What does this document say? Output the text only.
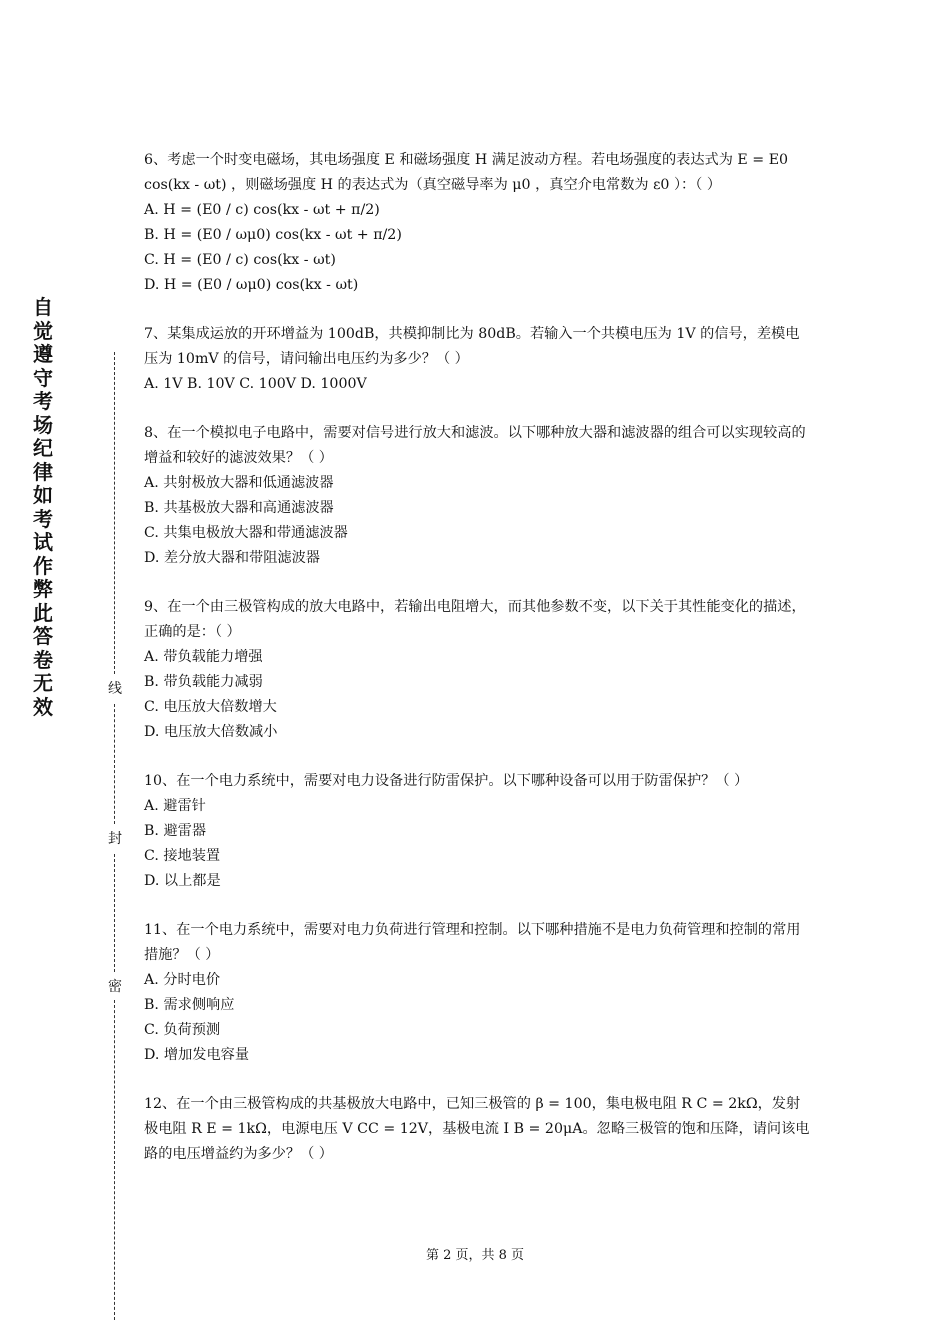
自
觉
遵
守
考
场
纪
律
如
考
试
作
弊
此
答
卷
无
效
线
封
密

6、考虑一个时变电磁场，其电场强度 E 和磁场强度 H 满足波动方程。若电场强度的表达式为 E = E0 cos(kx - ωt) ，则磁场强度 H 的表达式为（真空磁导率为 μ0 ，真空介电常数为 ε0 ）：（ ）

A. H = (E0 / c) cos(kx - ωt + π/2)

B. H = (E0 / ωμ0) cos(kx - ωt + π/2)

C. H = (E0 / c) cos(kx - ωt)

D. H = (E0 / ωμ0) cos(kx - ωt)

7、某集成运放的开环增益为 100dB，共模抑制比为 80dB。若输入一个共模电压为 1V 的信号，差模电压为 10mV 的信号，请问输出电压约为多少？（ ）

A. 1V B. 10V C. 100V D. 1000V

8、在一个模拟电子电路中，需要对信号进行放大和滤波。以下哪种放大器和滤波器的组合可以实现较高的增益和较好的滤波效果？（ ）

A. 共射极放大器和低通滤波器

B. 共基极放大器和高通滤波器

C. 共集电极放大器和带通滤波器

D. 差分放大器和带阻滤波器

9、在一个由三极管构成的放大电路中，若输出电阻增大，而其他参数不变，以下关于其性能变化的描述，正确的是：（ ）

A. 带负载能力增强

B. 带负载能力减弱

C. 电压放大倍数增大

D. 电压放大倍数减小

10、在一个电力系统中，需要对电力设备进行防雷保护。以下哪种设备可以用于防雷保护？（ ）

A. 避雷针

B. 避雷器

C. 接地装置

D. 以上都是

11、在一个电力系统中，需要对电力负荷进行管理和控制。以下哪种措施不是电力负荷管理和控制的常用措施？（ ）

A. 分时电价

B. 需求侧响应

C. 负荷预测

D. 增加发电容量

12、在一个由三极管构成的共基极放大电路中，已知三极管的 β = 100，集电极电阻 R C = 2kΩ，发射极电阻 R E = 1kΩ，电源电压 V CC = 12V，基极电流 I B = 20μA。忽略三极管的饱和压降，请问该电路的电压增益约为多少？（ ）

第 2 页，共 8 页
